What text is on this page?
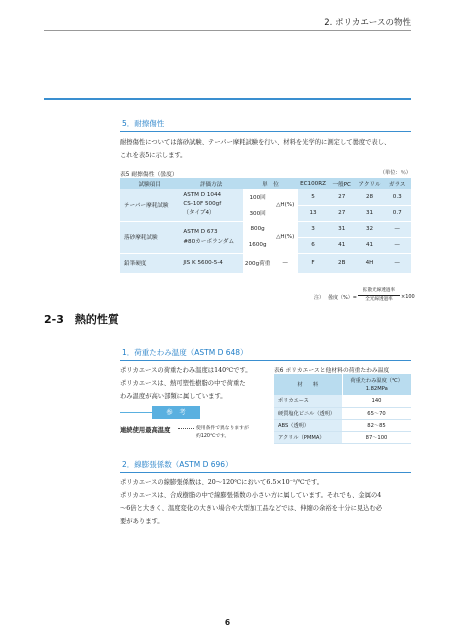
2. ポリカエースの物性
5．耐擦傷性
耐擦傷性については落砂試験、テーパー摩耗試験を行い、材料を光学的に測定して曇度で表し、
これを表5に示します。
表5 耐擦傷性（曇度）	（単位：％）
試験項目	評価方法	単　位		EC100RZ	一般PC	アクリル	ガラス
テーパー摩耗試験	ASTM D 1044
CS-10F 500gf
（タイプ4）	100回	△H(%)	5	27	28	0.3
		300回		13	27	31	0.7
落砂摩耗試験	ASTM D 673
#80カーボランダム	800g	△H(%)	3	31	32	—
		1600g		6	41	41	—
鉛筆硬度	JIS K 5600-5-4	200g荷重	—	F	2B	4H	—
注） 曇度（%）=
拡散光線透過率
全光線透過率	×100
2-3　熱的性質
1．荷重たわみ温度（ASTM D 648）
ポリカエースの荷重たわみ温度は140℃です。
ポリカエースは、熱可塑性樹脂の中で荷重た
わみ温度が高い部類に属しています。
参　考
連続使用最高温度	使用条件で異なりますが
約120℃です。
表6 ポリカエースと他材料の荷重たわみ温度
材　　料	荷重たわみ温度（℃）
1.82MPa

ポリカエース	140
硬質塩化ビニル（透明）	65〜70
ABS（透明）	82〜85
アクリル（PMMA）	87〜100
2．線膨張係数（ASTM D 696）
ポリカエースの線膨張係数は、20〜120℃において6.5×10⁻⁵/℃です。
ポリカエースは、合成樹脂の中で線膨張係数の小さい方に属しています。それでも、金属の4
〜6倍と大きく、温度変化の大きい場合や大型加工品などでは、伸縮の余裕を十分に見込む必
要があります。
6
